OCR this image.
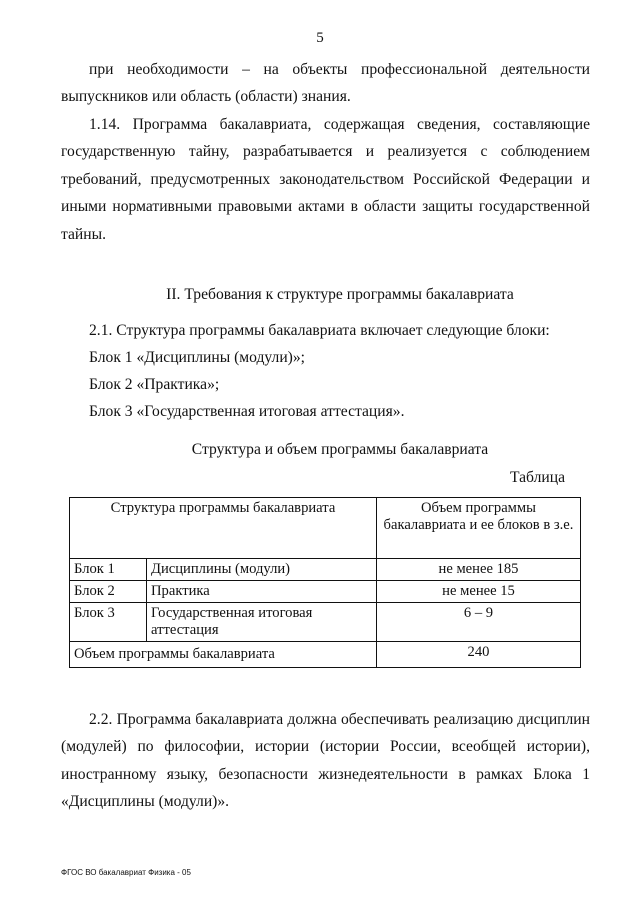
5
при необходимости – на объекты профессиональной деятельности выпускников или область (области) знания.
1.14. Программа бакалавриата, содержащая сведения, составляющие государственную тайну, разрабатывается и реализуется с соблюдением требований, предусмотренных законодательством Российской Федерации и иными нормативными правовыми актами в области защиты государственной тайны.
II. Требования к структуре программы бакалавриата
2.1. Структура программы бакалавриата включает следующие блоки:
Блок 1 «Дисциплины (модули)»;
Блок 2 «Практика»;
Блок 3 «Государственная итоговая аттестация».
Структура и объем программы бакалавриата
Таблица
Структура программы бакалавриата		Объем программы бакалавриата и ее блоков в з.е.
Блок 1	Дисциплины (модули)	не менее 185
Блок 2	Практика	не менее 15
Блок 3	Государственная итоговая аттестация	6 – 9
Объем программы бакалавриата		240
2.2. Программа бакалавриата должна обеспечивать реализацию дисциплин (модулей) по философии, истории (истории России, всеобщей истории), иностранному языку, безопасности жизнедеятельности в рамках Блока 1 «Дисциплины (модули)».
ФГОС ВО бакалавриат Физика - 05
